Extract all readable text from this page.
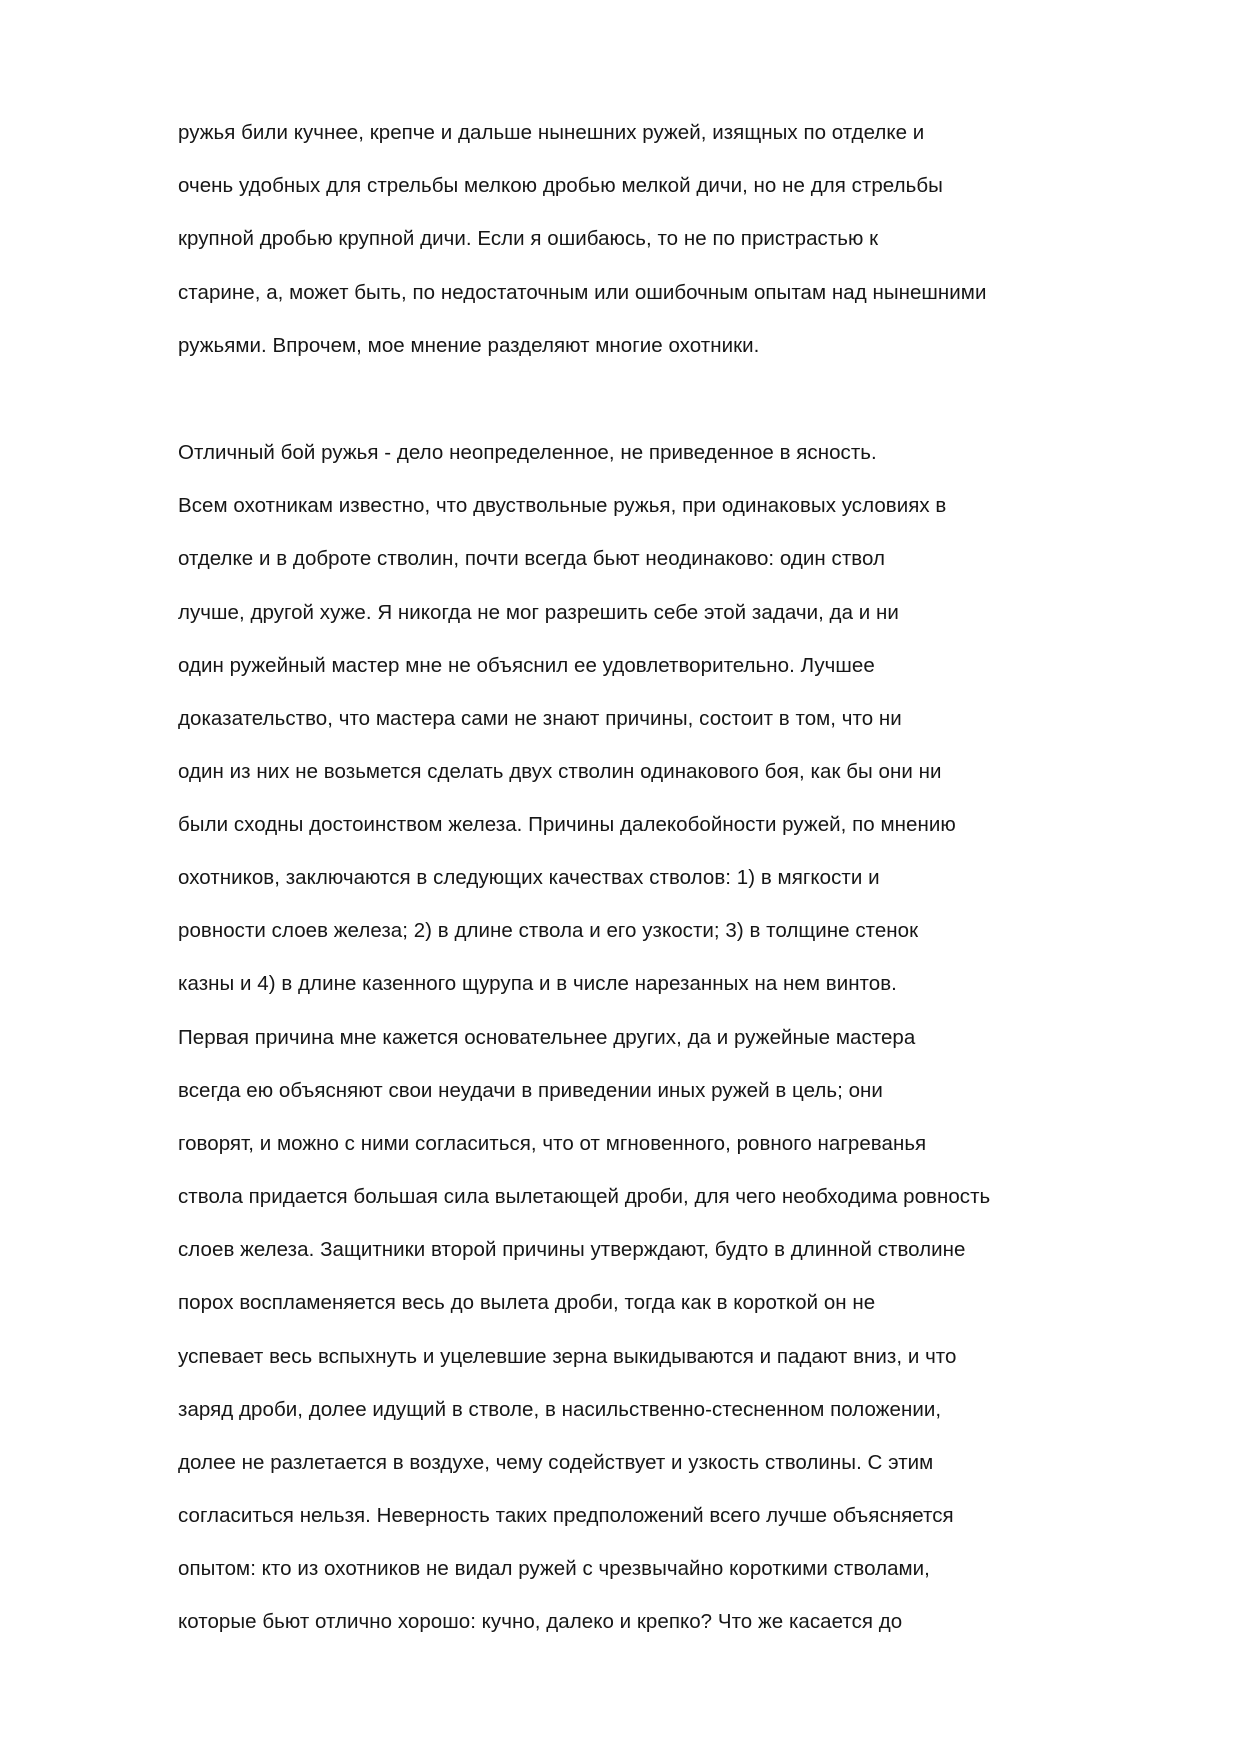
ружья били кучнее, крепче и дальше нынешних ружей, изящных по отделке и

очень удобных для стрельбы мелкою дробью мелкой дичи, но не для стрельбы

крупной дробью крупной дичи. Если я ошибаюсь, то не по пристрастью к

старине, а, может быть, по недостаточным или ошибочным опытам над нынешними

ружьями. Впрочем, мое мнение разделяют многие охотники.

Отличный бой ружья - дело неопределенное, не приведенное в ясность.

Всем охотникам известно, что двуствольные ружья, при одинаковых условиях в

отделке и в доброте стволин, почти всегда бьют неодинаково: один ствол

лучше, другой хуже. Я никогда не мог разрешить себе этой задачи, да и ни

один ружейный мастер мне не объяснил ее удовлетворительно. Лучшее

доказательство, что мастера сами не знают причины, состоит в том, что ни

один из них не возьмется сделать двух стволин одинакового боя, как бы они ни

были сходны достоинством железа. Причины далекобойности ружей, по мнению

охотников, заключаются в следующих качествах стволов: 1) в мягкости и

ровности слоев железа; 2) в длине ствола и его узкости; 3) в толщине стенок

казны и 4) в длине казенного щурупа и в числе нарезанных на нем винтов.

Первая причина мне кажется основательнее других, да и ружейные мастера

всегда ею объясняют свои неудачи в приведении иных ружей в цель; они

говорят, и можно с ними согласиться, что от мгновенного, ровного нагреванья

ствола придается большая сила вылетающей дроби, для чего необходима ровность

слоев железа. Защитники второй причины утверждают, будто в длинной стволине

порох воспламеняется весь до вылета дроби, тогда как в короткой он не

успевает весь вспыхнуть и уцелевшие зерна выкидываются и падают вниз, и что

заряд дроби, долее идущий в стволе, в насильственно-стесненном положении,

долее не разлетается в воздухе, чему содействует и узкость стволины. С этим

согласиться нельзя. Неверность таких предположений всего лучше объясняется

опытом: кто из охотников не видал ружей с чрезвычайно короткими стволами,

которые бьют отлично хорошо: кучно, далеко и крепко? Что же касается до
